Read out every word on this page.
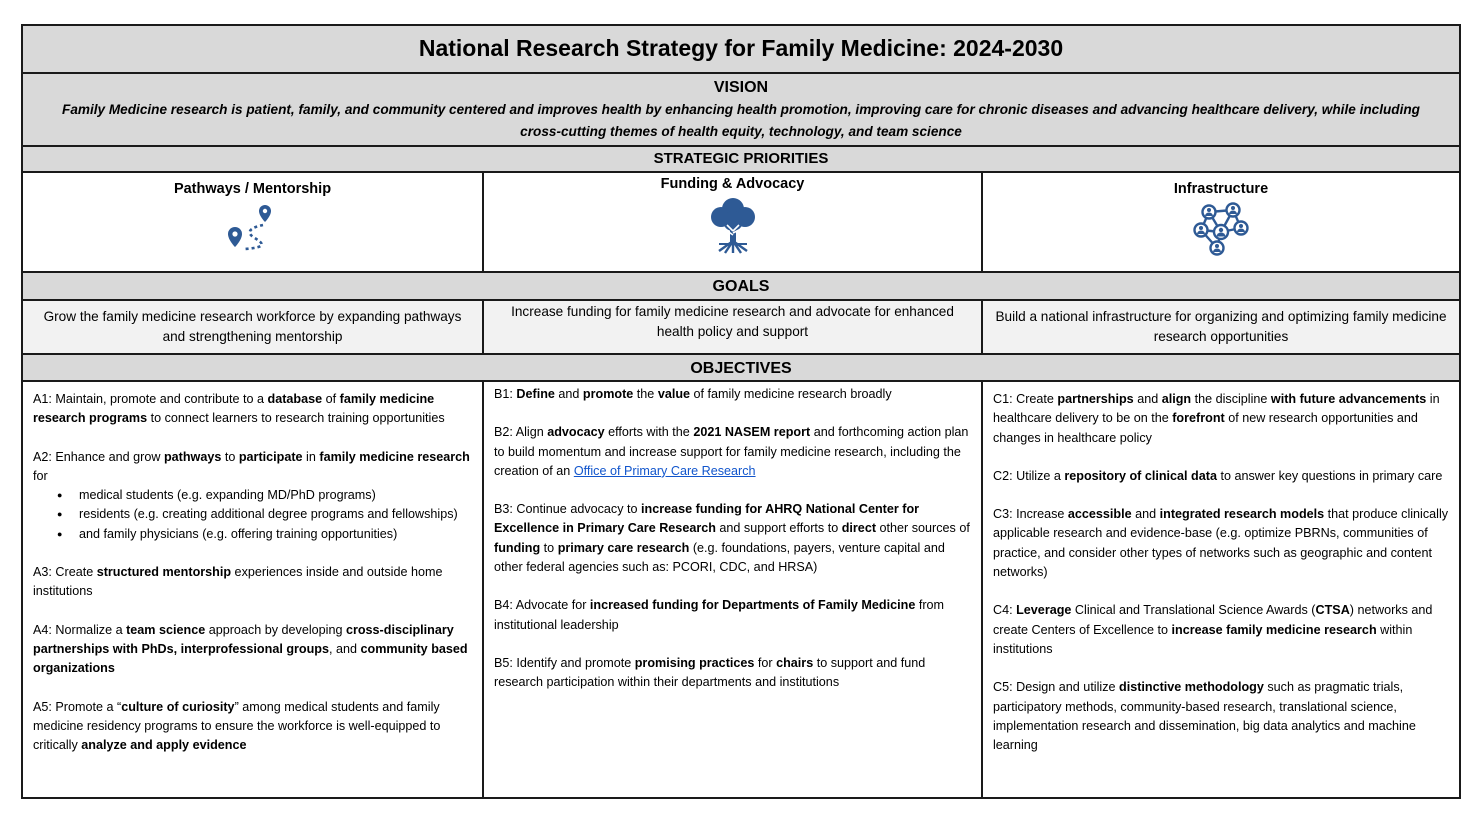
National Research Strategy for Family Medicine: 2024-2030
VISION
Family Medicine research is patient, family, and community centered and improves health by enhancing health promotion, improving care for chronic diseases and advancing healthcare delivery, while including
cross-cutting themes of health equity, technology, and team science
STRATEGIC PRIORITIES
Pathways / Mentorship	Funding & Advocacy	Infrastructure
GOALS
Grow the family medicine research workforce by expanding pathways and strengthening mentorship
Increase funding for family medicine research and advocate for enhanced health policy and support
Build a national infrastructure for organizing and optimizing family medicine research opportunities
OBJECTIVES
A1: Maintain, promote and contribute to a database of family medicine research programs to connect learners to research training opportunities
A2: Enhance and grow pathways to participate in family medicine research for
● medical students (e.g. expanding MD/PhD programs)
● residents (e.g. creating additional degree programs and fellowships)
● and family physicians (e.g. offering training opportunities)
A3: Create structured mentorship experiences inside and outside home institutions
A4: Normalize a team science approach by developing cross-disciplinary partnerships with PhDs, interprofessional groups, and community based organizations
A5: Promote a “culture of curiosity” among medical students and family medicine residency programs to ensure the workforce is well-equipped to critically analyze and apply evidence
B1: Define and promote the value of family medicine research broadly
B2: Align advocacy efforts with the 2021 NASEM report and forthcoming action plan to build momentum and increase support for family medicine research, including the creation of an Office of Primary Care Research
B3: Continue advocacy to increase funding for AHRQ National Center for Excellence in Primary Care Research and support efforts to direct other sources of funding to primary care research (e.g. foundations, payers, venture capital and other federal agencies such as: PCORI, CDC, and HRSA)
B4: Advocate for increased funding for Departments of Family Medicine from institutional leadership
B5: Identify and promote promising practices for chairs to support and fund research participation within their departments and institutions
C1: Create partnerships and align the discipline with future advancements in healthcare delivery to be on the forefront of new research opportunities and changes in healthcare policy
C2: Utilize a repository of clinical data to answer key questions in primary care
C3: Increase accessible and integrated research models that produce clinically applicable research and evidence-base (e.g. optimize PBRNs, communities of practice, and consider other types of networks such as geographic and content networks)
C4: Leverage Clinical and Translational Science Awards (CTSA) networks and create Centers of Excellence to increase family medicine research within institutions
C5: Design and utilize distinctive methodology such as pragmatic trials, participatory methods, community-based research, translational science, implementation research and dissemination, big data analytics and machine learning
